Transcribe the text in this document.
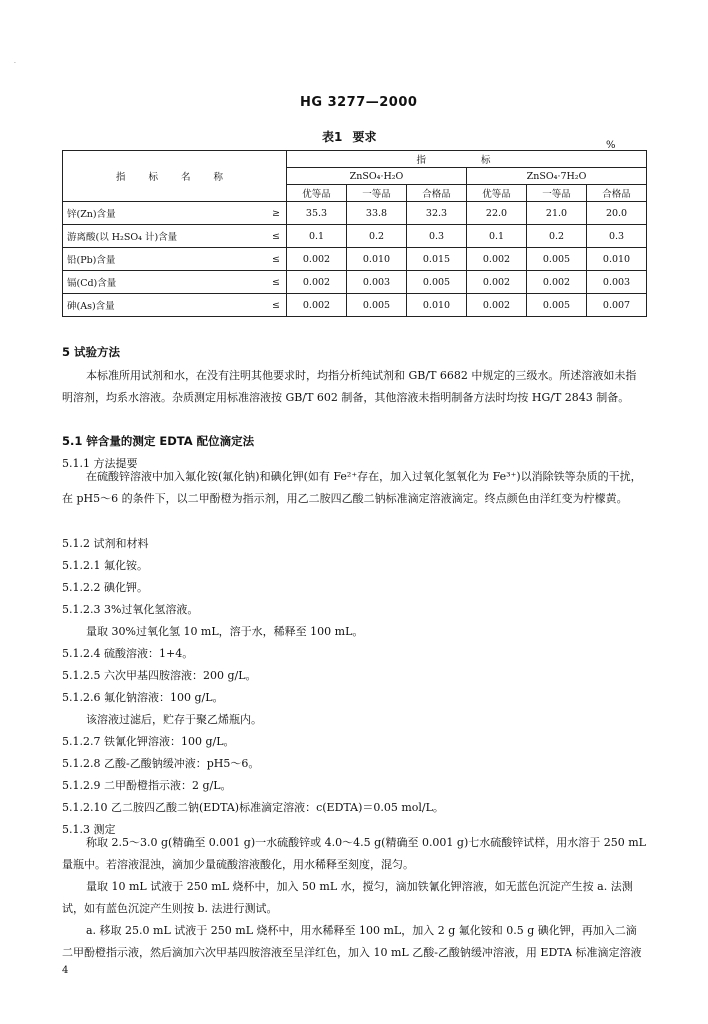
·
HG 3277—2000
表1 要求
%
指 标 名 称		指 标					
		ZnSO₄·H₂O			ZnSO₄·7H₂O		
		优等品	一等品	合格品	优等品	一等品	合格品
锌(Zn)含量	≥	35.3	33.8	32.3	22.0	21.0	20.0
游离酸(以 H₂SO₄ 计)含量	≤	0.1	0.2	0.3	0.1	0.2	0.3
铅(Pb)含量	≤	0.002	0.010	0.015	0.002	0.005	0.010
镉(Cd)含量	≤	0.002	0.003	0.005	0.002	0.002	0.003
砷(As)含量	≤	0.002	0.005	0.010	0.002	0.005	0.007
5 试验方法
本标准所用试剂和水，在没有注明其他要求时，均指分析纯试剂和 GB/T 6682 中规定的三级水。所述溶液如未指明溶剂，均系水溶液。杂质测定用标准溶液按 GB/T 602 制备，其他溶液未指明制备方法时均按 HG/T 2843 制备。
5.1 锌含量的测定 EDTA 配位滴定法
5.1.1 方法提要
在硫酸锌溶液中加入氟化铵(氟化钠)和碘化钾(如有 Fe²⁺存在，加入过氧化氢氧化为 Fe³⁺)以消除铁等杂质的干扰，在 pH5～6 的条件下，以二甲酚橙为指示剂，用乙二胺四乙酸二钠标准滴定溶液滴定。终点颜色由洋红变为柠檬黄。
5.1.2 试剂和材料
5.1.2.1 氟化铵。
5.1.2.2 碘化钾。
5.1.2.3 3%过氧化氢溶液。
量取 30%过氧化氢 10 mL，溶于水，稀释至 100 mL。
5.1.2.4 硫酸溶液：1+4。
5.1.2.5 六次甲基四胺溶液：200 g/L。
5.1.2.6 氟化钠溶液：100 g/L。
该溶液过滤后，贮存于聚乙烯瓶内。
5.1.2.7 铁氰化钾溶液：100 g/L。
5.1.2.8 乙酸-乙酸钠缓冲液：pH5～6。
5.1.2.9 二甲酚橙指示液：2 g/L。
5.1.2.10 乙二胺四乙酸二钠(EDTA)标准滴定溶液：c(EDTA)＝0.05 mol/L。
5.1.3 测定
称取 2.5～3.0 g(精确至 0.001 g)一水硫酸锌或 4.0～4.5 g(精确至 0.001 g)七水硫酸锌试样，用水溶于 250 mL 量瓶中。若溶液混浊，滴加少量硫酸溶液酸化，用水稀释至刻度，混匀。
量取 10 mL 试液于 250 mL 烧杯中，加入 50 mL 水，搅匀，滴加铁氰化钾溶液，如无蓝色沉淀产生按 a. 法测试，如有蓝色沉淀产生则按 b. 法进行测试。
a. 移取 25.0 mL 试液于 250 mL 烧杯中，用水稀释至 100 mL，加入 2 g 氟化铵和 0.5 g 碘化钾，再加入二滴二甲酚橙指示液，然后滴加六次甲基四胺溶液至呈洋红色，加入 10 mL 乙酸-乙酸钠缓冲溶液，用 EDTA 标准滴定溶液
4
